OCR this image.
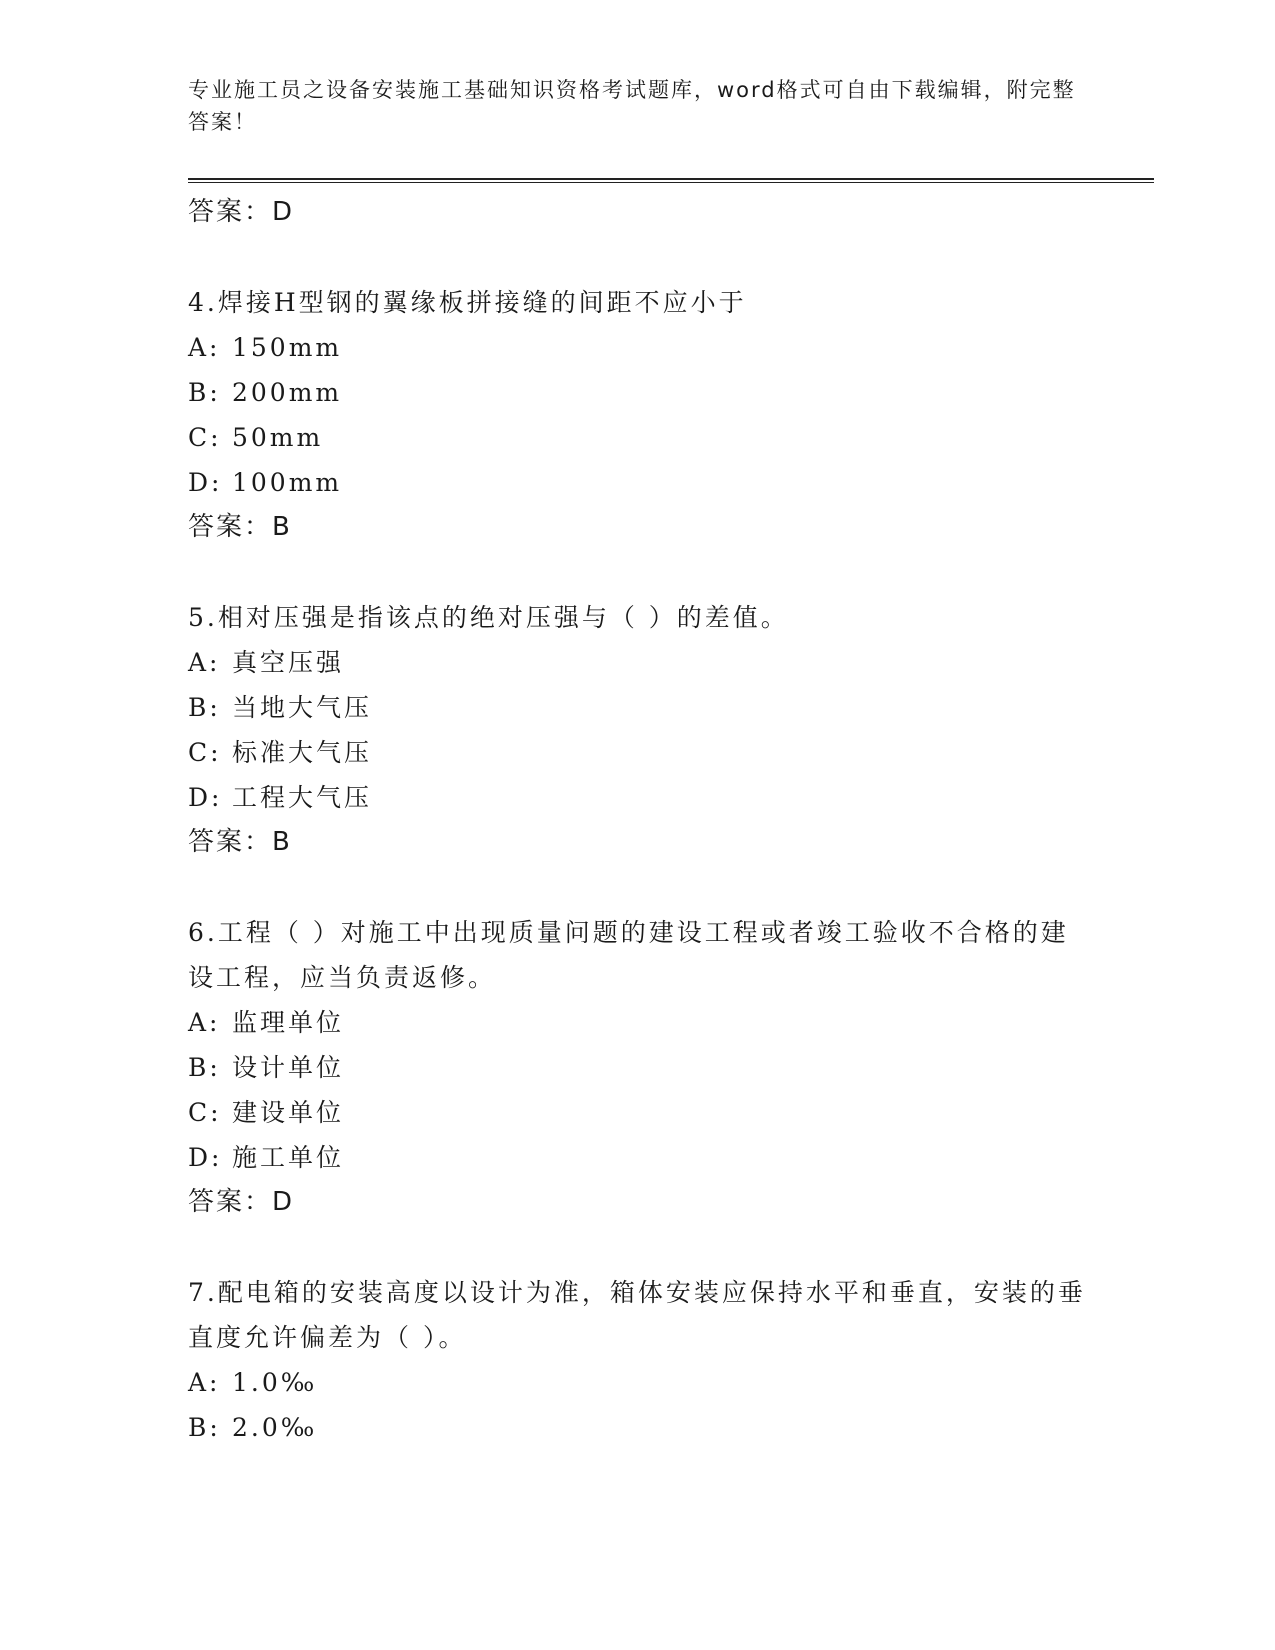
专业施工员之设备安装施工基础知识资格考试题库，word格式可自由下载编辑，附完整答案！
答案：D
4.焊接H型钢的翼缘板拼接缝的间距不应小于
A: 150mm
B: 200mm
C: 50mm
D: 100mm
答案：B
5.相对压强是指该点的绝对压强与（ ）的差值。
A: 真空压强
B: 当地大气压
C: 标准大气压
D: 工程大气压
答案：B
6.工程（ ）对施工中出现质量问题的建设工程或者竣工验收不合格的建设工程，应当负责返修。
A: 监理单位
B: 设计单位
C: 建设单位
D: 施工单位
答案：D
7.配电箱的安装高度以设计为准，箱体安装应保持水平和垂直，安装的垂直度允许偏差为（ ）。
A: 1.0‰
B: 2.0‰
